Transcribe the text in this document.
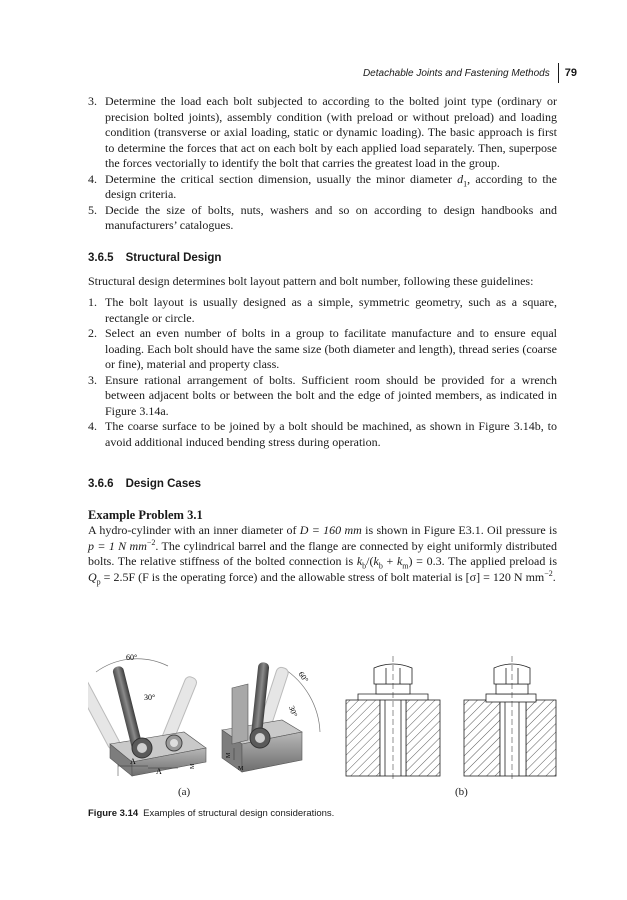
Detachable Joints and Fastening Methods 79
3. Determine the load each bolt subjected to according to the bolted joint type (ordinary or precision bolted joints), assembly condition (with preload or without preload) and loading condition (transverse or axial loading, static or dynamic loading). The basic approach is first to determine the forces that act on each bolt by each applied load separately. Then, superpose the forces vectorially to identify the bolt that carries the greatest load in the group.
4. Determine the critical section dimension, usually the minor diameter $d_1$, according to the design criteria.
5. Decide the size of bolts, nuts, washers and so on according to design handbooks and manufacturers’ catalogues.
3.6.5 Structural Design

Structural design determines bolt layout pattern and bolt number, following these guidelines:

1. The bolt layout is usually designed as a simple, symmetric geometry, such as a square, rectangle or circle.
2. Select an even number of bolts in a group to facilitate manufacture and to ensure equal loading. Each bolt should have the same size (both diameter and length), thread series (coarse or fine), material and property class.
3. Ensure rational arrangement of bolts. Sufficient room should be provided for a wrench between adjacent bolts or between the bolt and the edge of jointed members, as indicated in Figure 3.14a.
4. The coarse surface to be joined by a bolt should be machined, as shown in Figure 3.14b, to avoid additional induced bending stress during operation.
3.6.6 Design Cases
Example Problem 3.1

A hydro-cylinder with an inner diameter of D = 160 mm is shown in Figure E3.1. Oil pressure is p = 1 N $mm^{-2}$. The cylindrical barrel and the flange are connected by eight uniformly distributed bolts. The relative stiffness of the bolted connection is $k_b/(k_b + k_m) = 0.3$. The applied preload is $Q_p = 2.5F$ (F is the operating force) and the allowable stress of bolt material is [σ] = 120 N $mm^{-2}$.

60°
30°
A
A
M
60°
30°
M
M
(a)	(b)
Figure 3.14 Examples of structural design considerations.
